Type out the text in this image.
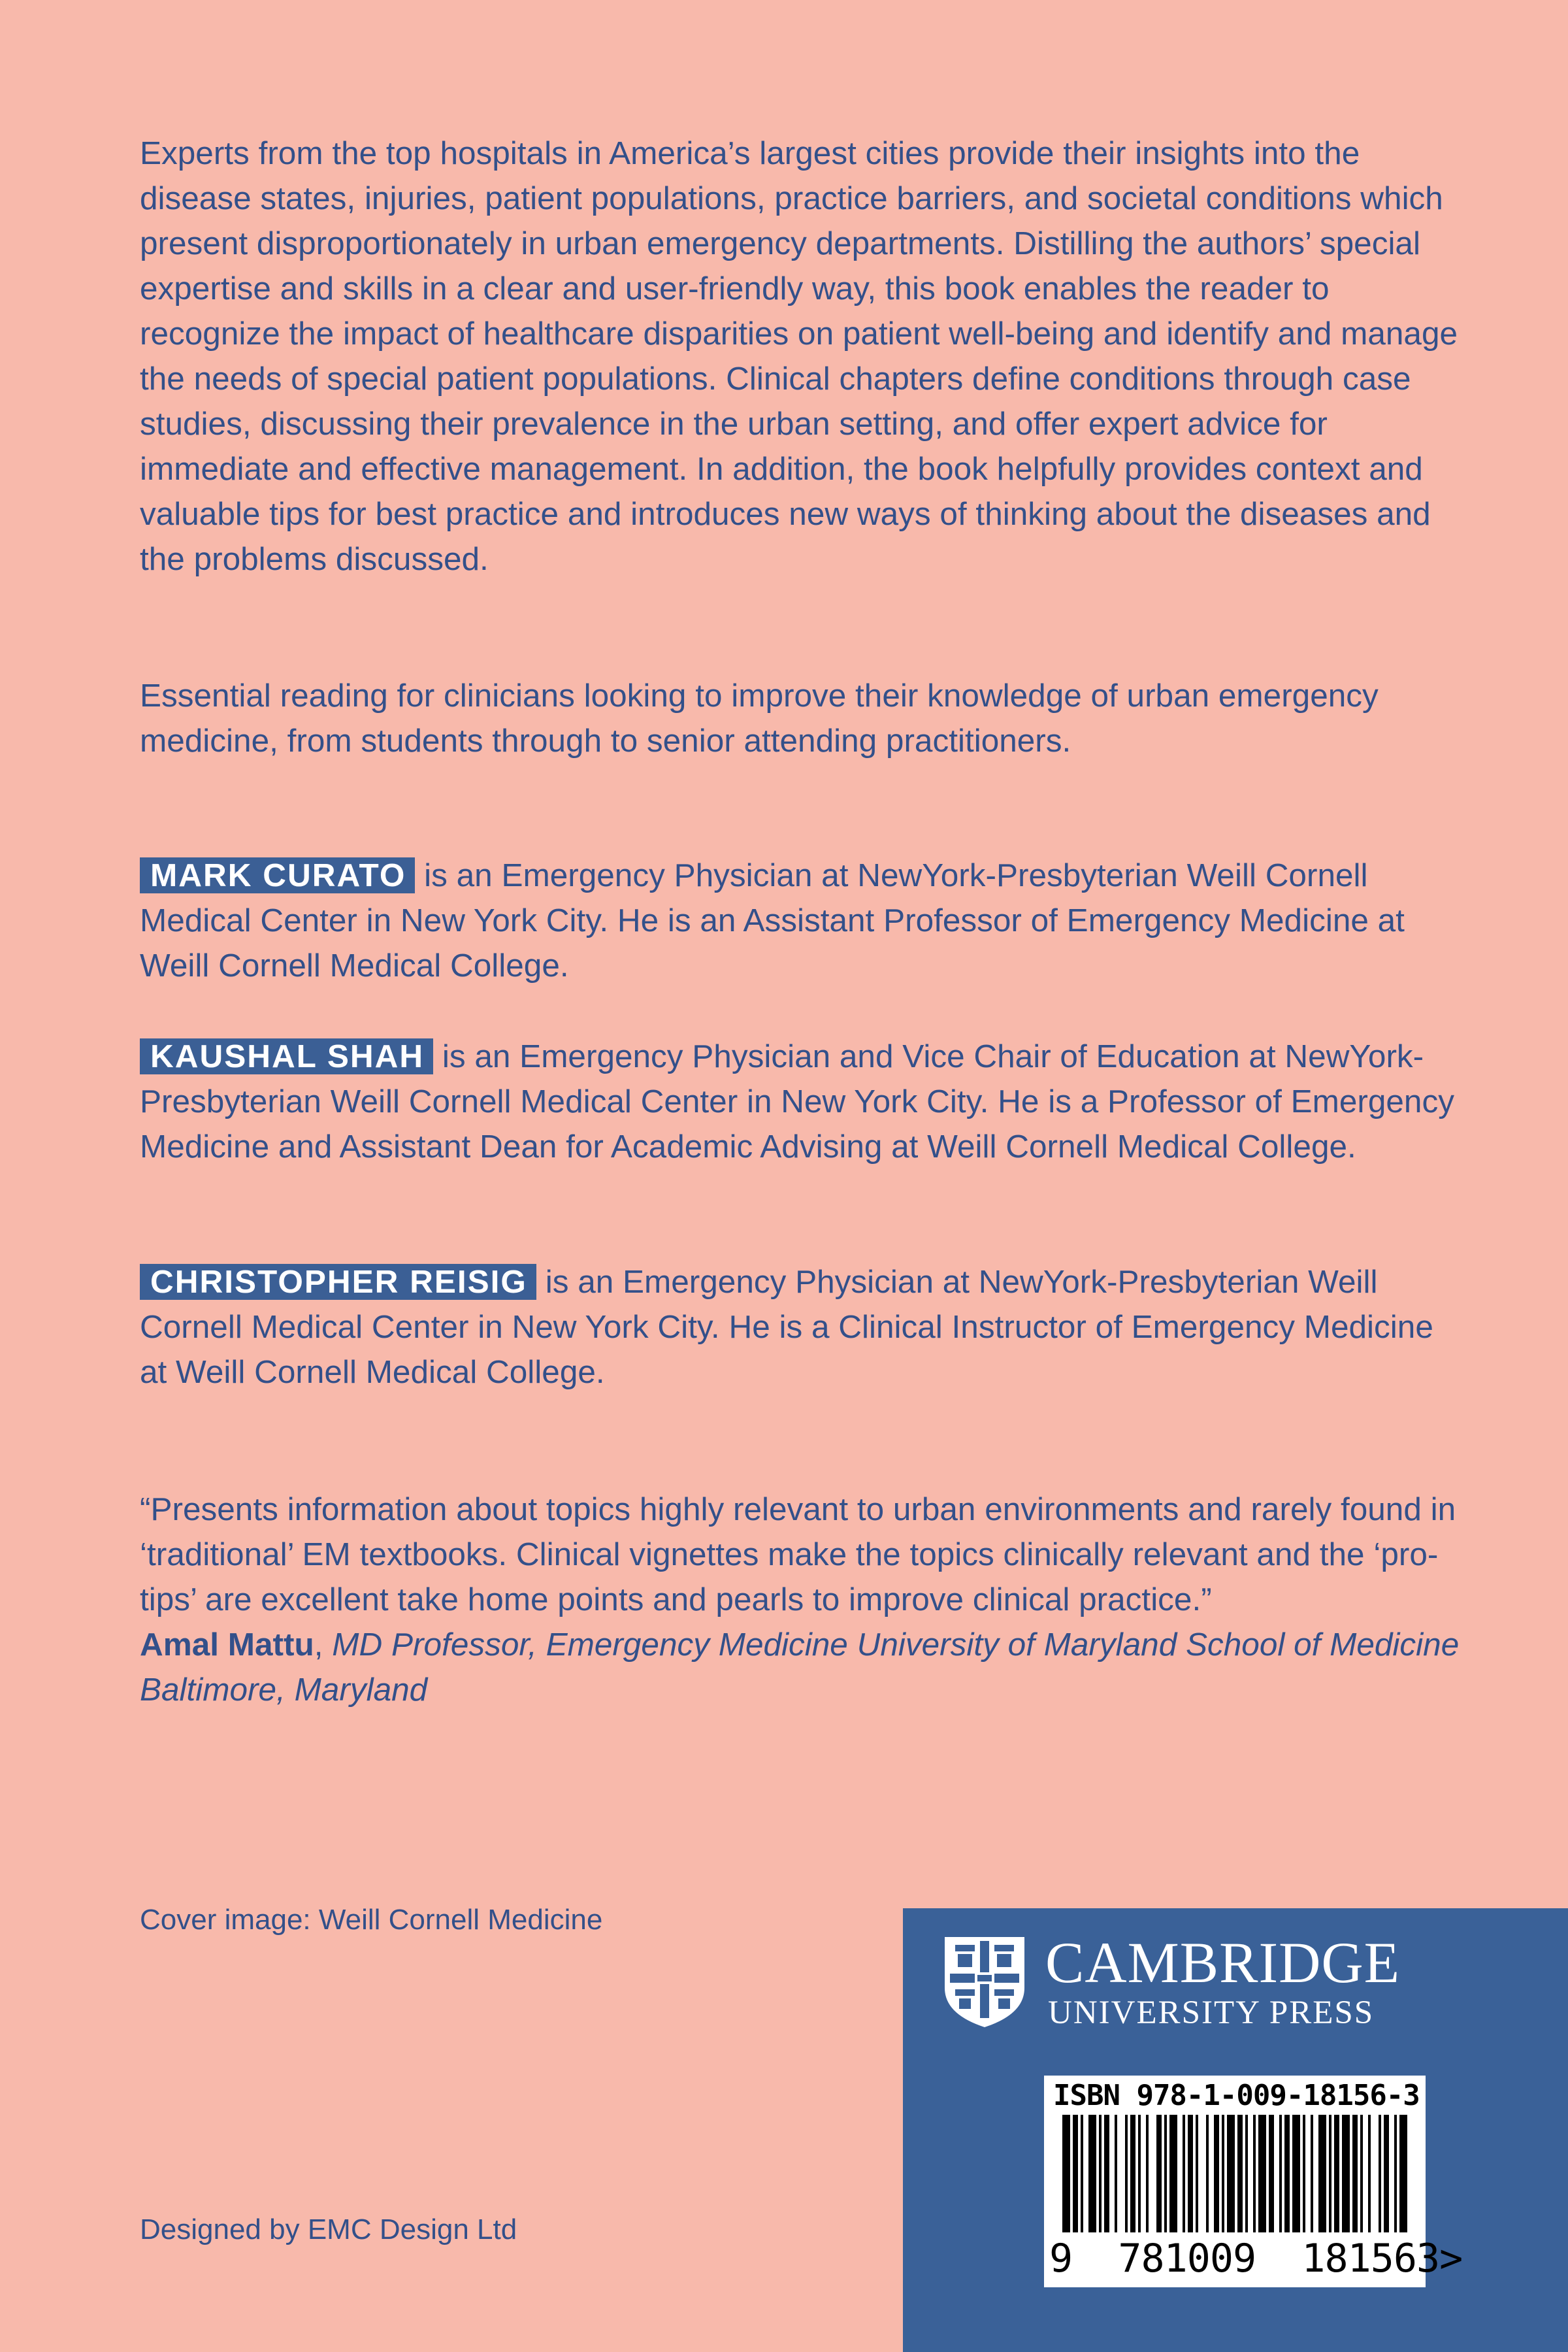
Experts from the top hospitals in America’s largest cities provide their insights into the disease states, injuries, patient populations, practice barriers, and societal conditions which present disproportionately in urban emergency departments. Distilling the authors’ special expertise and skills in a clear and user-friendly way, this book enables the reader to recognize the impact of healthcare disparities on patient well-being and identify and manage the needs of special patient populations. Clinical chapters define conditions through case studies, discussing their prevalence in the urban setting, and offer expert advice for immediate and effective management. In addition, the book helpfully provides context and valuable tips for best practice and introduces new ways of thinking about the diseases and the problems discussed.

Essential reading for clinicians looking to improve their knowledge of urban emergency medicine, from students through to senior attending practitioners.

MARK CURATO is an Emergency Physician at NewYork-Presbyterian Weill Cornell Medical Center in New York City. He is an Assistant Professor of Emergency Medicine at Weill Cornell Medical College.

KAUSHAL SHAH is an Emergency Physician and Vice Chair of Education at NewYork-Presbyterian Weill Cornell Medical Center in New York City. He is a Professor of Emergency Medicine and Assistant Dean for Academic Advising at Weill Cornell Medical College.

CHRISTOPHER REISIG is an Emergency Physician at NewYork-Presbyterian Weill Cornell Medical Center in New York City. He is a Clinical Instructor of Emergency Medicine at Weill Cornell Medical College.

“Presents information about topics highly relevant to urban environments and rarely found in ‘traditional’ EM textbooks. Clinical vignettes make the topics clinically relevant and the ‘pro-tips’ are excellent take home points and pearls to improve clinical practice.”
Amal Mattu, MD Professor, Emergency Medicine University of Maryland School of Medicine Baltimore, Maryland

Cover image: Weill Cornell Medicine

Designed by EMC Design Ltd

CAMBRIDGE

UNIVERSITY PRESS

ISBN 978-1-009-18156-3

9  781009  181563>
